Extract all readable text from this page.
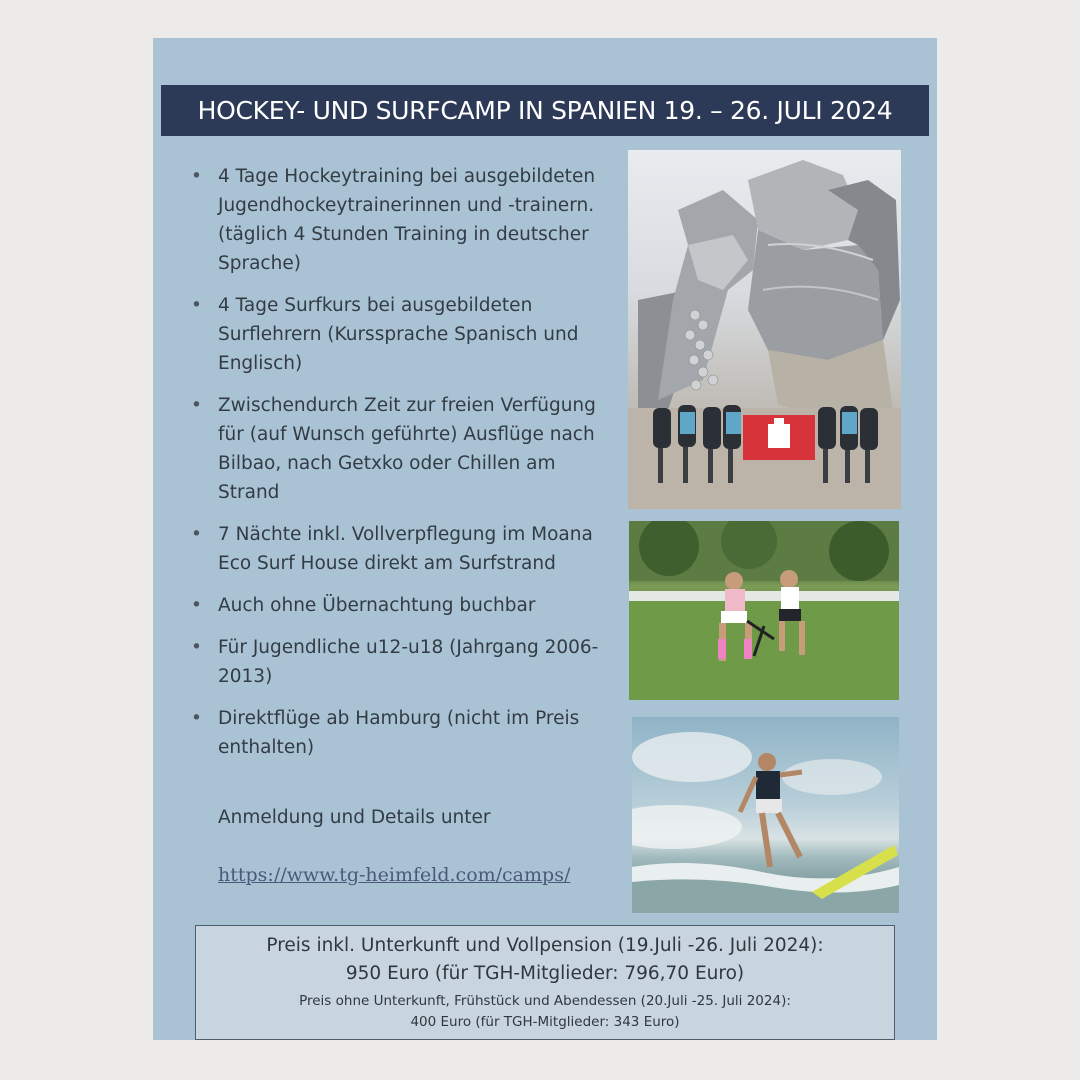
HOCKEY- UND SURFCAMP IN SPANIEN 19. – 26. JULI 2024
• 4 Tage Hockeytraining bei ausgebildeten Jugendhockeytrainerinnen und -trainern. (täglich 4 Stunden Training in deutscher Sprache)
• 4 Tage Surfkurs bei ausgebildeten Surflehrern (Kurssprache Spanisch und Englisch)
• Zwischendurch Zeit zur freien Verfügung für (auf Wunsch geführte) Ausflüge nach Bilbao, nach Getxko oder Chillen am Strand
• 7 Nächte inkl. Vollverpflegung im Moana Eco Surf House direkt am Surfstrand
• Auch ohne Übernachtung buchbar
• Für Jugendliche u12-u18 (Jahrgang 2006-2013)
• Direktflüge ab Hamburg (nicht im Preis enthalten)
Anmeldung und Details unter
https://www.tg-heimfeld.com/camps/
Preis inkl. Unterkunft und Vollpension (19.Juli -26. Juli 2024):
950 Euro (für TGH-Mitglieder: 796,70 Euro)
Preis ohne Unterkunft, Frühstück und Abendessen (20.Juli -25. Juli 2024):
400 Euro (für TGH-Mitglieder: 343 Euro)
